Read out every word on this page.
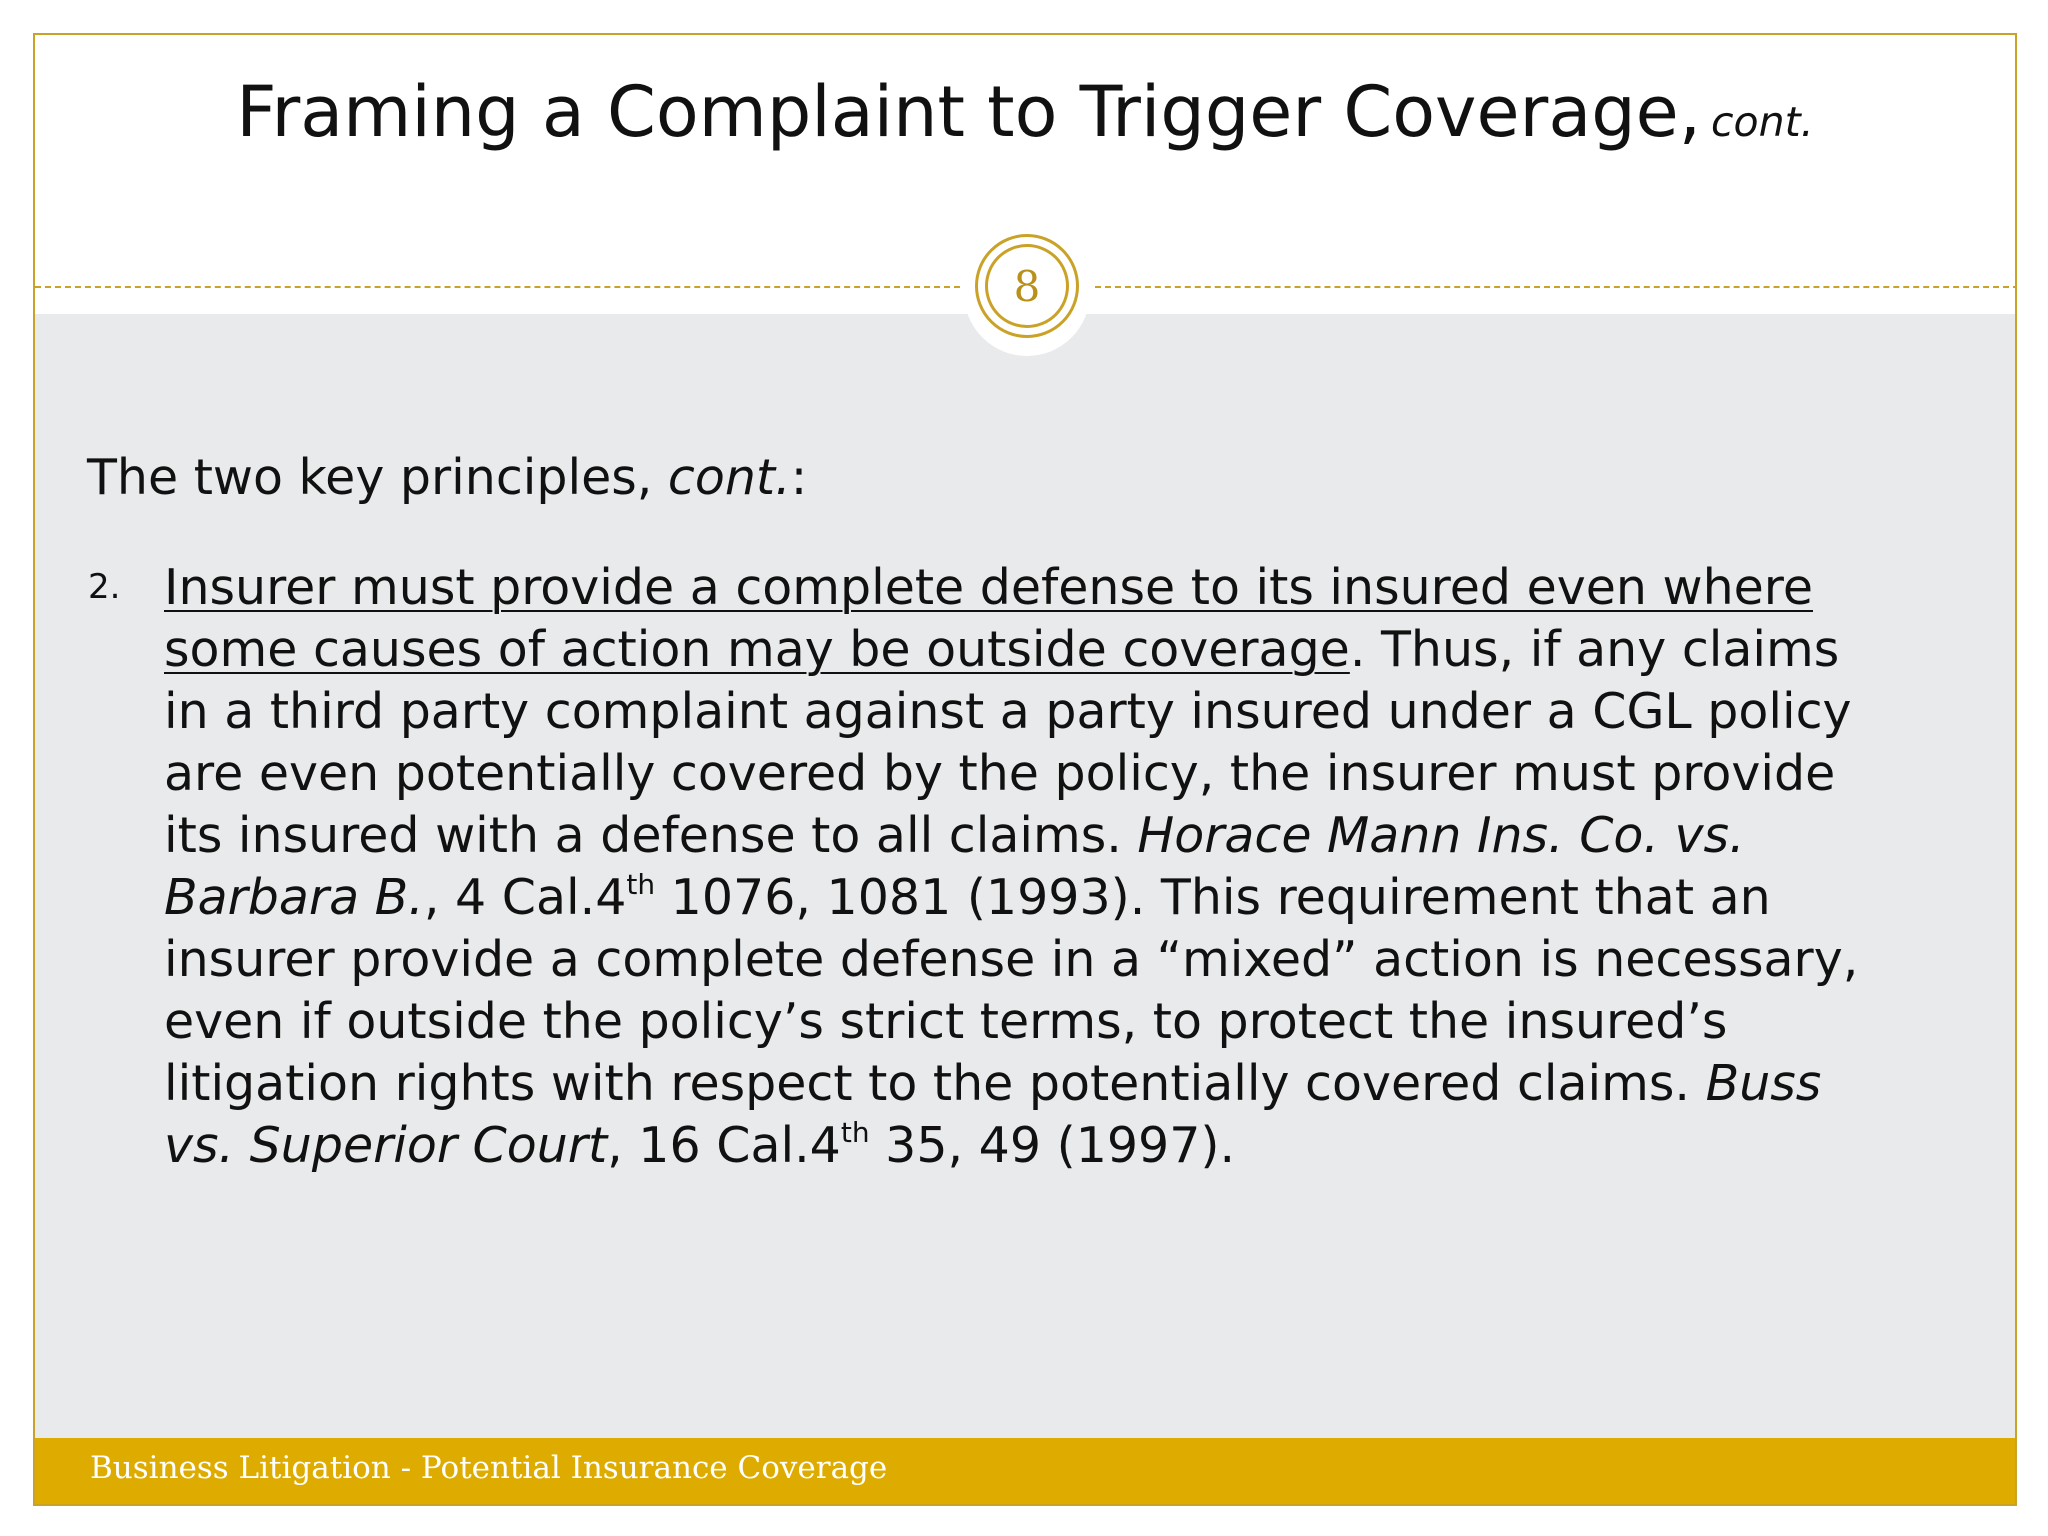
Framing a Complaint to Trigger Coverage, cont.
8
The two key principles, cont.:
2. Insurer must provide a complete defense to its insured even where
some causes of action may be outside coverage. Thus, if any claims
in a third party complaint against a party insured under a CGL policy
are even potentially covered by the policy, the insurer must provide
its insured with a defense to all claims. Horace Mann Ins. Co. vs.
Barbara B., 4 Cal.4th 1076, 1081 (1993). This requirement that an
insurer provide a complete defense in a “mixed” action is necessary,
even if outside the policy’s strict terms, to protect the insured’s
litigation rights with respect to the potentially covered claims. Buss
vs. Superior Court, 16 Cal.4th 35, 49 (1997).
Business Litigation - Potential Insurance Coverage
